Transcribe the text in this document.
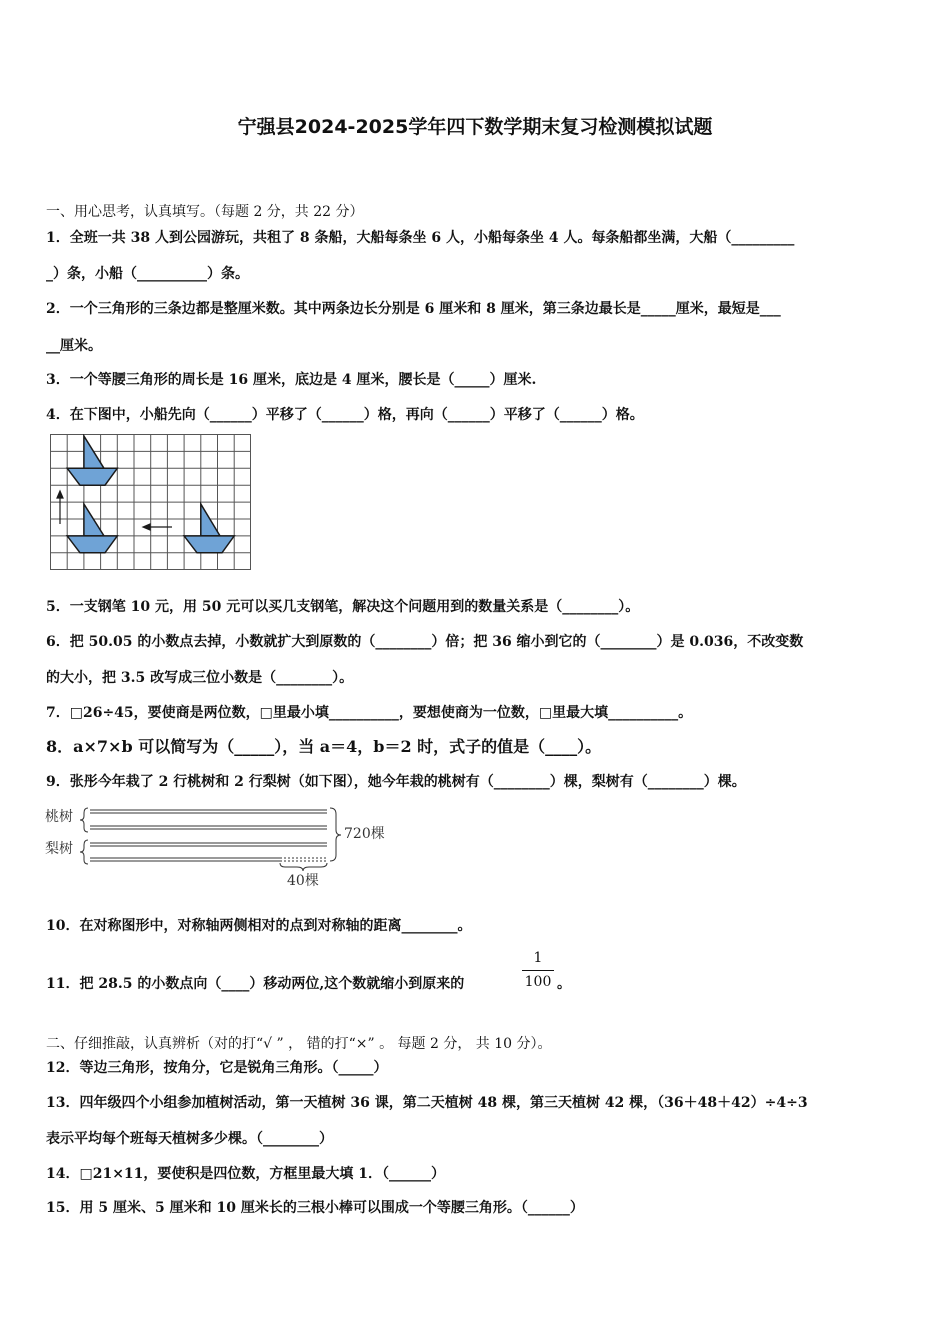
宁强县2024-2025学年四下数学期末复习检测模拟试题
一、用心思考，认真填写。（每题 2 分，共 22 分）
1．全班一共 38 人到公园游玩，共租了 8 条船，大船每条坐 6 人，小船每条坐 4 人。每条船都坐满，大船（_________
_）条，小船（__________）条。
2．一个三角形的三条边都是整厘米数。其中两条边长分别是 6 厘米和 8 厘米，第三条边最长是_____厘米，最短是___
__厘米。
3．一个等腰三角形的周长是 16 厘米，底边是 4 厘米，腰长是（_____）厘米.
4．在下图中，小船先向（______）平移了（______）格，再向（______）平移了（______）格。
5．一支钢笔 10 元，用 50 元可以买几支钢笔，解决这个问题用到的数量关系是（________）。
6．把 50.05 的小数点去掉，小数就扩大到原数的（________）倍；把 36 缩小到它的（________）是 0.036，不改变数
的大小，把 3.5 改写成三位小数是（________）。
7．□26÷45，要使商是两位数，□里最小填__________，要想使商为一位数，□里最大填__________。
8．a×7×b 可以简写为（_____），当 a＝4，b＝2 时，式子的值是（____）。
9．张彤今年栽了 2 行桃树和 2 行梨树（如下图），她今年栽的桃树有（________）棵，梨树有（________）棵。
桃树
梨树
720棵
40棵
10．在对称图形中，对称轴两侧相对的点到对称轴的距离________。
11．把 28.5 的小数点向（____）移动两位,这个数就缩小到原来的
1
100 。
二、仔细推敲，认真辨析（对的打“√ ” ， 错的打“×” 。 每题 2 分， 共 10 分）。
12．等边三角形，按角分，它是锐角三角形。（_____）
13．四年级四个小组参加植树活动，第一天植树 36 课，第二天植树 48 棵，第三天植树 42 棵，（36＋48＋42）÷4÷3
表示平均每个班每天植树多少棵。（________）
14．□21×11，要使积是四位数，方框里最大填 1．（______）
15．用 5 厘米、5 厘米和 10 厘米长的三根小棒可以围成一个等腰三角形。（______）
